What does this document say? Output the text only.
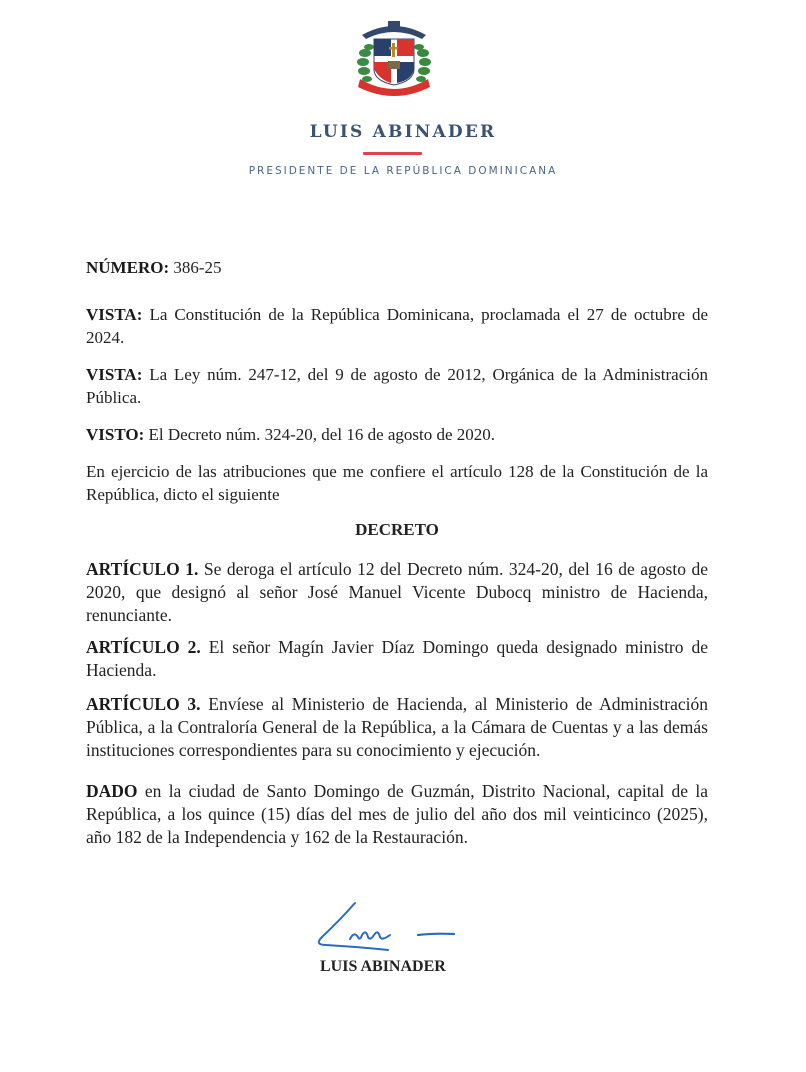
LUIS ABINADER
PRESIDENTE DE LA REPÚBLICA DOMINICANA
NÚMERO: 386-25
VISTA: La Constitución de la República Dominicana, proclamada el 27 de octubre de 2024.
VISTA: La Ley núm. 247-12, del 9 de agosto de 2012, Orgánica de la Administración Pública.
VISTO: El Decreto núm. 324-20, del 16 de agosto de 2020.
En ejercicio de las atribuciones que me confiere el artículo 128 de la Constitución de la República, dicto el siguiente
DECRETO
ARTÍCULO 1. Se deroga el artículo 12 del Decreto núm. 324-20, del 16 de agosto de 2020, que designó al señor José Manuel Vicente Dubocq ministro de Hacienda, renunciante.
ARTÍCULO 2. El señor Magín Javier Díaz Domingo queda designado ministro de Hacienda.
ARTÍCULO 3. Envíese al Ministerio de Hacienda, al Ministerio de Administración Pública, a la Contraloría General de la República, a la Cámara de Cuentas y a las demás instituciones correspondientes para su conocimiento y ejecución.
DADO en la ciudad de Santo Domingo de Guzmán, Distrito Nacional, capital de la República, a los quince (15) días del mes de julio del año dos mil veinticinco (2025), año 182 de la Independencia y 162 de la Restauración.
LUIS ABINADER
